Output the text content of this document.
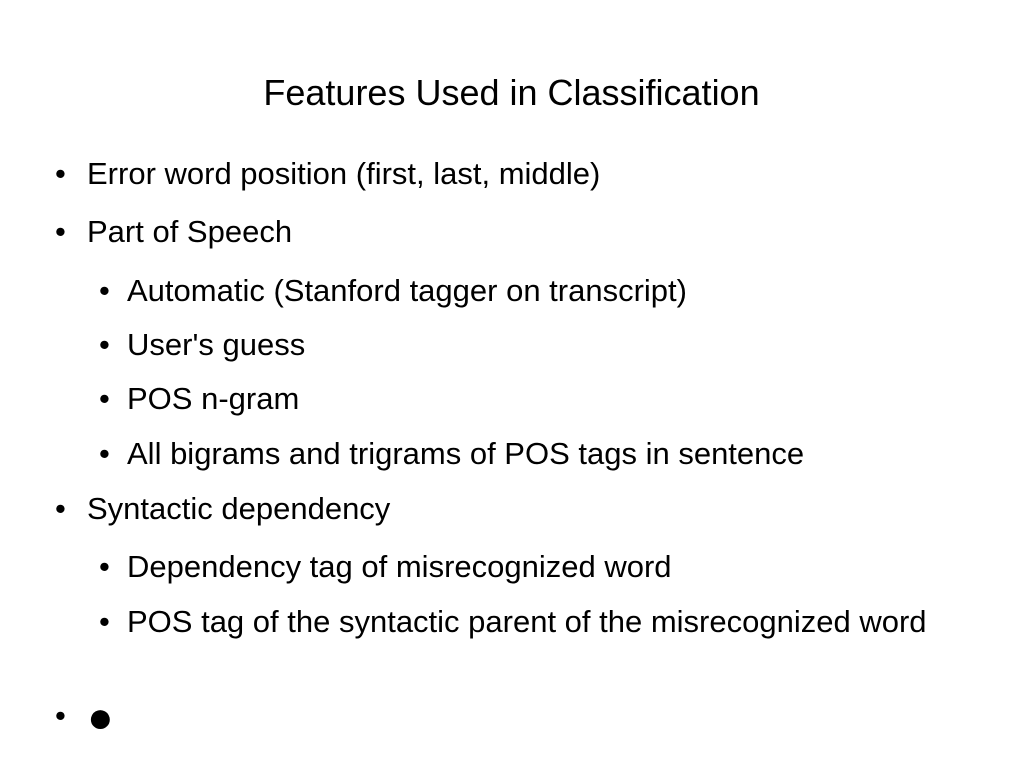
Features Used in Classification
• Error word position (first, last, middle)
• Part of Speech
• Automatic (Stanford tagger on transcript)
• User's guess
• POS n-gram
• All bigrams and trigrams of POS tags in sentence
• Syntactic dependency
• Dependency tag of misrecognized word
• POS tag of the syntactic parent of the misrecognized word
• ●
